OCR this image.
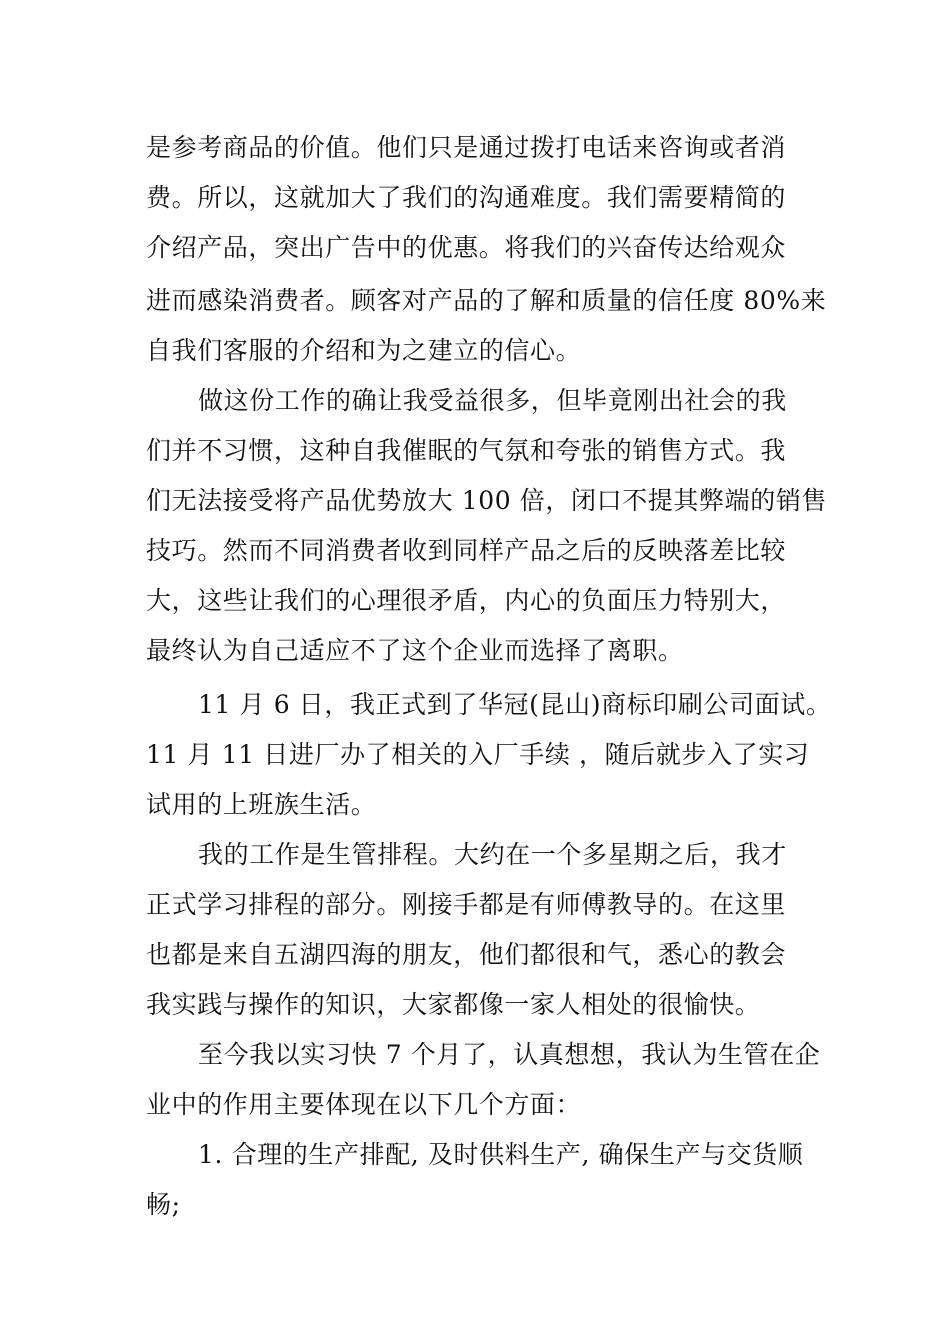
是参考商品的价值。他们只是通过拨打电话来咨询或者消
费。所以，这就加大了我们的沟通难度。我们需要精简的
介绍产品，突出广告中的优惠。将我们的兴奋传达给观众
进而感染消费者。顾客对产品的了解和质量的信任度 80%来
自我们客服的介绍和为之建立的信心。
做这份工作的确让我受益很多，但毕竟刚出社会的我
们并不习惯，这种自我催眠的气氛和夸张的销售方式。我
们无法接受将产品优势放大 100 倍，闭口不提其弊端的销售
技巧。然而不同消费者收到同样产品之后的反映落差比较
大，这些让我们的心理很矛盾，内心的负面压力特别大，
最终认为自己适应不了这个企业而选择了离职。
11 月 6 日，我正式到了华冠(昆山)商标印刷公司面试。
11 月 11 日进厂办了相关的入厂手续 ，随后就步入了实习
试用的上班族生活。
我的工作是生管排程。大约在一个多星期之后，我才
正式学习排程的部分。刚接手都是有师傅教导的。在这里
也都是来自五湖四海的朋友，他们都很和气，悉心的教会
我实践与操作的知识，大家都像一家人相处的很愉快。
至今我以实习快 7 个月了，认真想想，我认为生管在企
业中的作用主要体现在以下几个方面：
1. 合理的生产排配, 及时供料生产, 确保生产与交货顺
畅;
